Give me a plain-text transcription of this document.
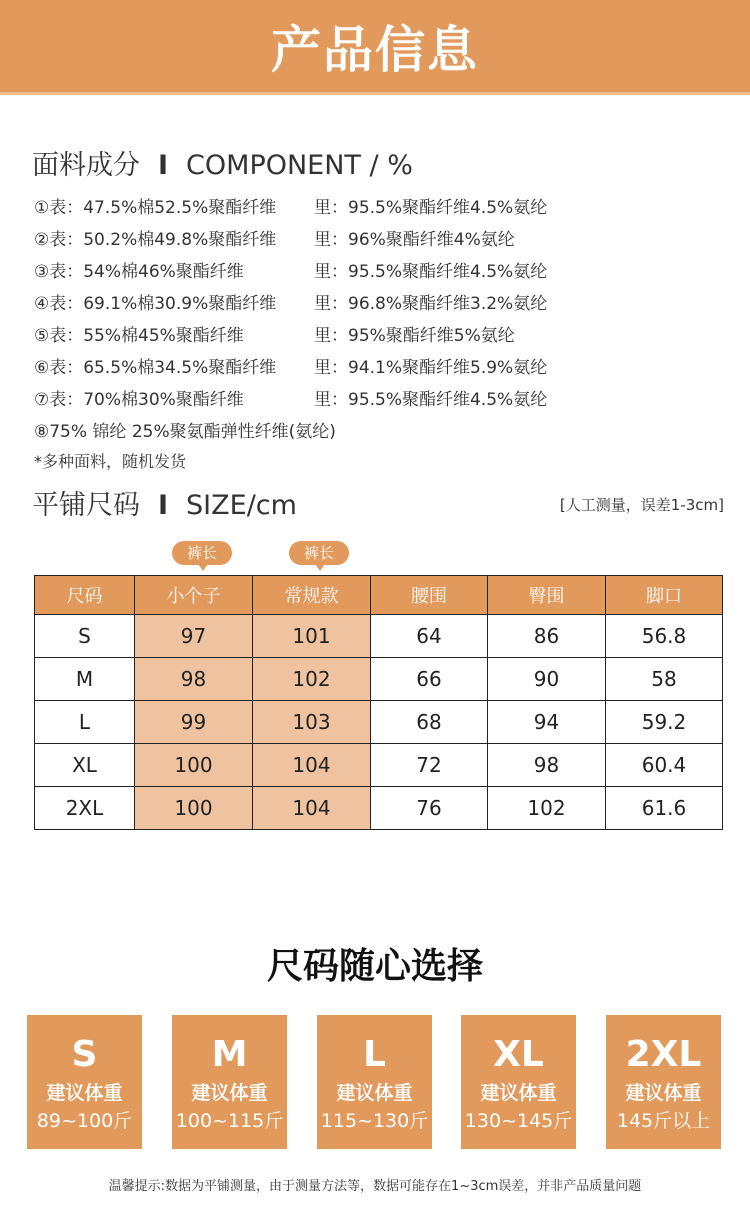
产品信息
面料成分 I COMPONENT / %
①表：47.5%棉52.5%聚酯纤维 里：95.5%聚酯纤维4.5%氨纶
②表：50.2%棉49.8%聚酯纤维 里：96%聚酯纤维4%氨纶
③表：54%棉46%聚酯纤维	里：95.5%聚酯纤维4.5%氨纶
④表：69.1%棉30.9%聚酯纤维 里：96.8%聚酯纤维3.2%氨纶
⑤表：55%棉45%聚酯纤维	里：95%聚酯纤维5%氨纶
⑥表：65.5%棉34.5%聚酯纤维 里：94.1%聚酯纤维5.9%氨纶
⑦表：70%棉30%聚酯纤维	里：95.5%聚酯纤维4.5%氨纶
⑧75% 锦纶 25%聚氨酯弹性纤维(氨纶)
*多种面料，随机发货
平铺尺码 I SIZE/cm	[人工测量，误差1-3cm]
裤长	裤长
尺码	小个子	常规款	腰围	臀围	脚口
S	97	101	64	86	56.8
M	98	102	66	90	58
L	99	103	68	94	59.2
XL	100	104	72	98	60.4
2XL	100	104	76	102	61.6
尺码随心选择
S
建议体重
89~100斤
M
建议体重
100~115斤
L
建议体重
115~130斤
XL
建议体重
130~145斤
2XL
建议体重
145斤以上
温馨提示:数据为平铺测量，由于测量方法等，数据可能存在1~3cm误差，并非产品质量问题
